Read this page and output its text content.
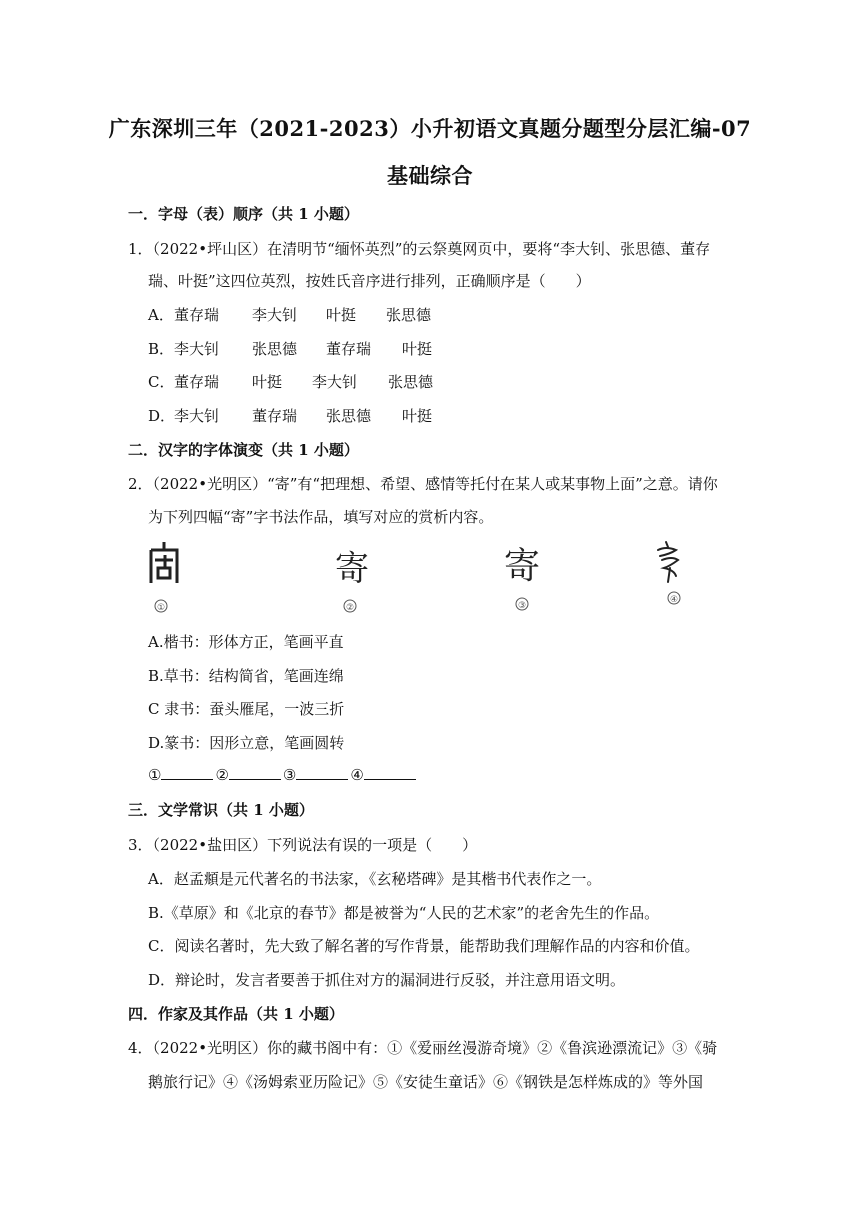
广东深圳三年（2021-2023）小升初语文真题分题型分层汇编-07
基础综合
一．字母（表）顺序（共 1 小题）
1．（2022•坪山区）在清明节“缅怀英烈”的云祭奠网页中，要将“李大钊、张思德、董存
瑞、叶挺”这四位英烈，按姓氏音序进行排列，正确顺序是（　　）
A．董存瑞 李大钊 叶挺 张思德
B．李大钊 张思德 董存瑞 叶挺
C．董存瑞 叶挺 李大钊 张思德
D．李大钊 董存瑞 张思德 叶挺
二．汉字的字体演变（共 1 小题）
2．（2022•光明区）“寄”有“把理想、希望、感情等托付在某人或某事物上面”之意。请你
为下列四幅“寄”字书法作品，填写对应的赏析内容。
①
寄
②
寄
③
④
A.楷书：形体方正，笔画平直
B.草书：结构简省，笔画连绵
C 隶书：蚕头雁尾，一波三折
D.篆书：因形立意，笔画圆转
①	②	③	④
三．文学常识（共 1 小题）
3．（2022•盐田区）下列说法有误的一项是（　　）
A．赵孟頫是元代著名的书法家，《玄秘塔碑》是其楷书代表作之一。
B.《草原》和《北京的春节》都是被誉为“人民的艺术家”的老舍先生的作品。
C．阅读名著时，先大致了解名著的写作背景，能帮助我们理解作品的内容和价值。
D．辩论时，发言者要善于抓住对方的漏洞进行反驳，并注意用语文明。
四．作家及其作品（共 1 小题）
4．（2022•光明区）你的藏书阁中有：①《爱丽丝漫游奇境》②《鲁滨逊漂流记》③《骑
鹅旅行记》④《汤姆索亚历险记》⑤《安徒生童话》⑥《钢铁是怎样炼成的》等外国
